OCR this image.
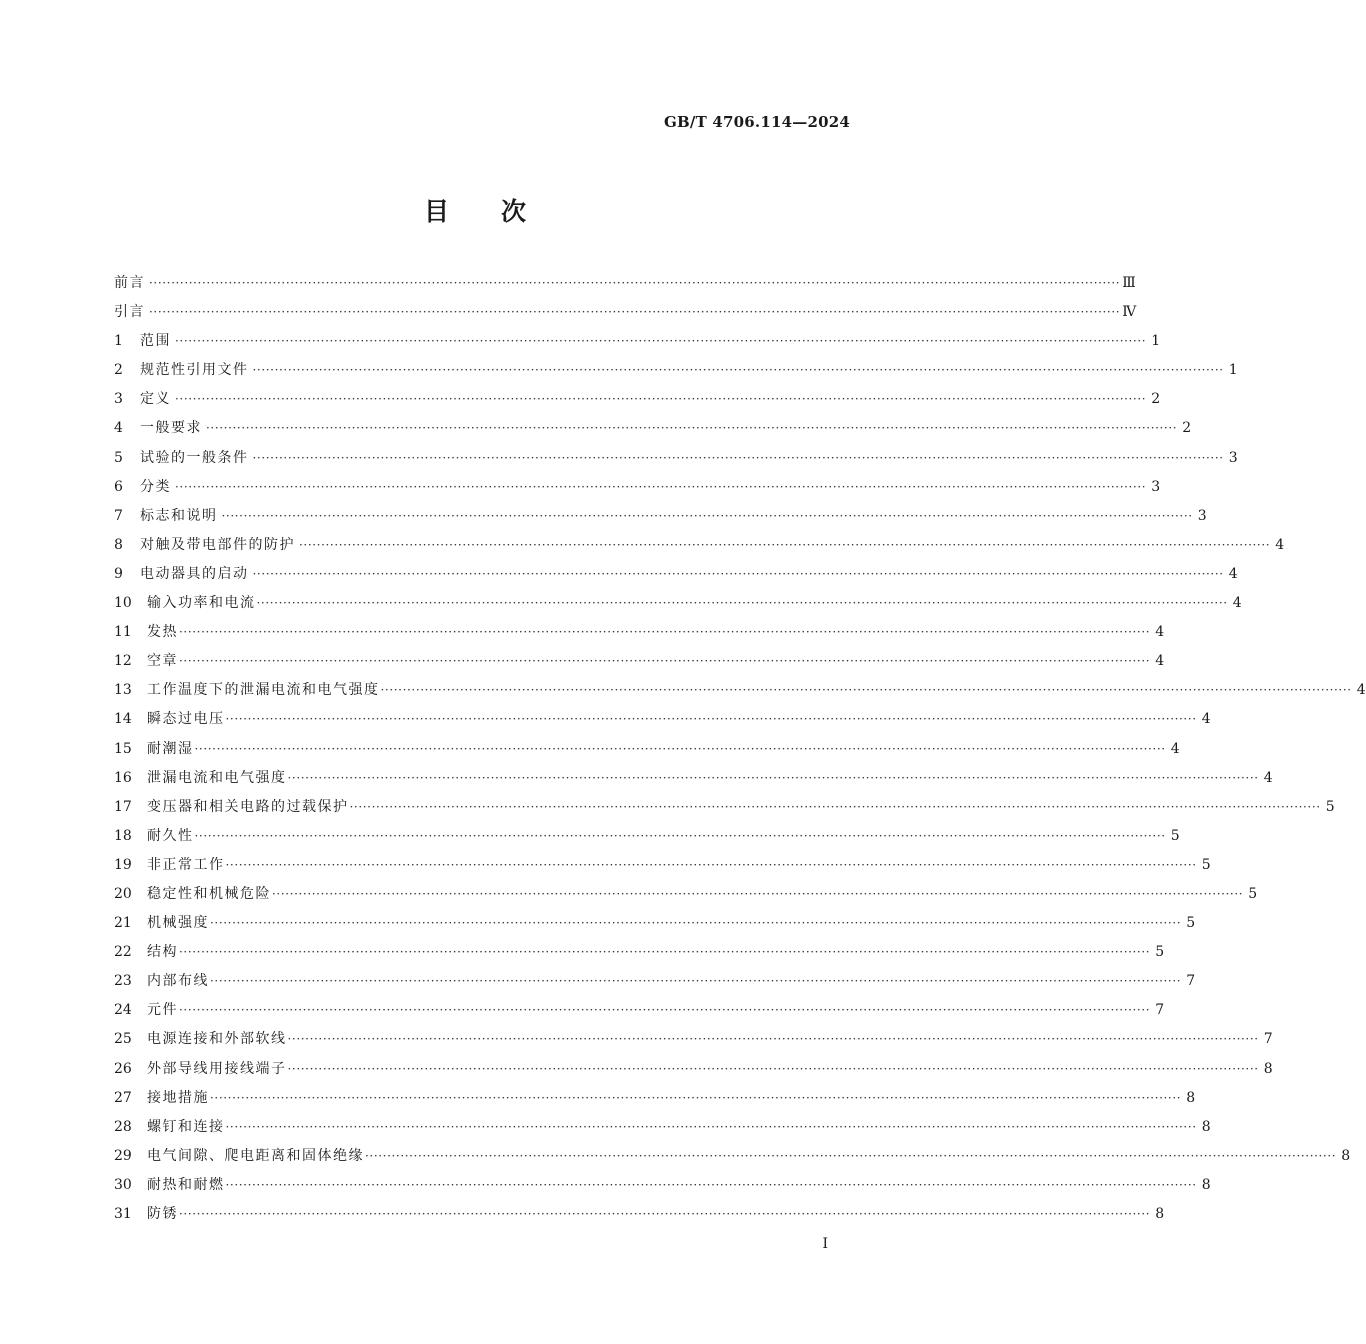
GB/T 4706.114—2024
目次
前言 ···························································································································································································································· Ⅲ
引言 ···························································································································································································································· Ⅳ
1	范围 ···························································································································································································································· 1
2	规范性引用文件 ···························································································································································································································· 1
3	定义 ···························································································································································································································· 2
4	一般要求 ···························································································································································································································· 2
5	试验的一般条件 ···························································································································································································································· 3
6	分类 ···························································································································································································································· 3
7	标志和说明 ···························································································································································································································· 3
8	对触及带电部件的防护 ···························································································································································································································· 4
9	电动器具的启动 ···························································································································································································································· 4
10	输入功率和电流 ···························································································································································································································· 4
11	发热 ···························································································································································································································· 4
12	空章 ···························································································································································································································· 4
13	工作温度下的泄漏电流和电气强度 ···························································································································································································································· 4
14	瞬态过电压 ···························································································································································································································· 4
15	耐潮湿 ···························································································································································································································· 4
16	泄漏电流和电气强度 ···························································································································································································································· 4
17	变压器和相关电路的过载保护 ···························································································································································································································· 5
18	耐久性 ···························································································································································································································· 5
19	非正常工作 ···························································································································································································································· 5
20	稳定性和机械危险 ···························································································································································································································· 5
21	机械强度 ···························································································································································································································· 5
22	结构 ···························································································································································································································· 5
23	内部布线 ···························································································································································································································· 7
24	元件 ···························································································································································································································· 7
25	电源连接和外部软线 ···························································································································································································································· 7
26	外部导线用接线端子 ···························································································································································································································· 8
27	接地措施 ···························································································································································································································· 8
28	螺钉和连接 ···························································································································································································································· 8
29	电气间隙、爬电距离和固体绝缘 ···························································································································································································································· 8
30	耐热和耐燃 ···························································································································································································································· 8
31	防锈 ···························································································································································································································· 8
Ⅰ
